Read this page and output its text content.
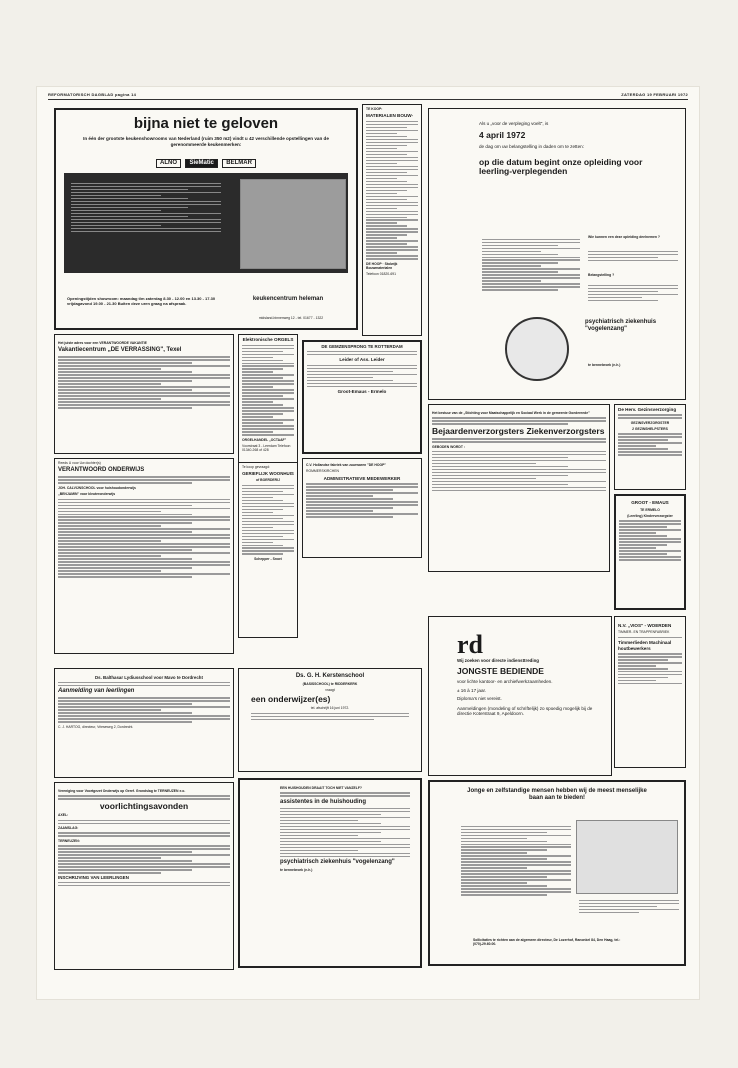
REFORMATORISCH DAGBLAD pagina 14	ZATERDAG 19 FEBRUARI 1972
bijna niet te geloven
In één der grootste keukenshowrooms van Nederland (ruim 350 m2) vindt u 42 verschillende opstellingen van de gerenommeerde keukenmerken:
ALNO SieMatic BELMAR
Openingstijden showroom: maandag t/m zaterdag 8.30 - 12.00 en 13.30 - 17.30 vrijdagavond 19.00 - 21.30 Buiten deze uren graag na afspraak.
keukencentrum heleman
midsland-binnenweg 12 - tel. 01677 - 1322
TE KOOP:
MATERIALEN BOUW-
DE HOOP · Stolwijk Bouwmaterialen
Telefoon 01820-691
Als u „voor de verpleging voelt", is
4 april 1972
de dag om uw belangstelling in daden om te zetten:
op die datum begint onze opleiding voor leerling-verplegenden
Wie kunnen een deze opleiding deelnemen ?
Belangstelling ?
psychiatrisch ziekenhuis "vogelenzang"
te bennebroek (n.h.)
Het juiste adres voor een VERANTWOORDE VAKANTIE
Vakantiecentrum „DE VERRASSING", Texel
Elektronische ORGELS
ORGELHANDEL „OCTAAF"
Voorstraat 3 - Leerdam Telefoon 01340-268 of 428
DE GEMZENSPRONG TE ROTTERDAM
Leider of Ass. Leider
Groot-Emaus - Ermelo
Reeds U voor Uw dochter(s)
VERANTWOORD ONDERWIJS
JOH. CALVIJNSCHOOL voor huishoudonderwijs
„BENJAMIN" voor kleuteronderwijs
Te koop gevraagd:
GERIEFLIJK WOONHUIS
of BOERDERIJ
Schepper - Snoei
C.V. Hollandse fabriek van zuurwaren "DE HOOP"
ROMMERSKIRCHEN
ADMINISTRATIEVE MEDEWERKER
Het bestuur van de „Stichting voor Maatschappelijk en Sociaal Werk in de gemeente Goedereede"
Bejaardenverzorgsters Ziekenverzorgsters
GEBODEN WORDT :
De Herv. Gezinsverzorging
GEZINSVERZORGSTER
2 GEZINSHELPSTERS
GROOT - EMAUS
TE ERMELO
(Leerling) Kinderverzorgster
Ds. Balthasar Lydiusschool voor Mavo te Dordrecht
Aanmelding van leerlingen
C. J. HARTOG, directeur, Vrieseweg 2, Dordrecht.
Ds. G. H. Kerstenschool
(BASISSCHOOL) te RIDDERKERK
vraagt
een onderwijzer(es)
tel. afschrijft 16 juni 1972.
rd
Wij zoeken voor directe indiensttreding
JONGSTE BEDIENDE
voor lichte kantoor- en archiefwerkzaamheden.
± 16 à 17 jaar.
Diploma's niet vereist.
Aanmeldingen (mondeling of schriftelijk) zo spoedig mogelijk bij de directie Koterstraat 9, Apeldoorn.
N.V. „VIOS" - WOERDEN
TIMMER- EN TRAPPENFABRIEK
Timmerlieden Machinaal houtbewerkers
Vereniging voor Voortgezet Onderwijs op Geref. Grondslag te TERNEUZEN e.o.
voorlichtingsavonden
AXEL:
ZAAMSLAG:
TERNEUZEN:
INSCHRIJVING VAN LEERLINGEN
EEN HUISHOUDEN DRAAIT TOCH NIET VANZELF?
assistentes in de huishouding
psychiatrisch ziekenhuis "vogelenzang"
te bennebroek (n.h.)
Jonge en zelfstandige mensen hebben wij de meest menselijke baan aan te bieden!
Sollicitaties te richten aan de algemeen directeur, De Lozerhof, Ranonkel 84, Den Haag, tel.: (070)-29.60.00.
